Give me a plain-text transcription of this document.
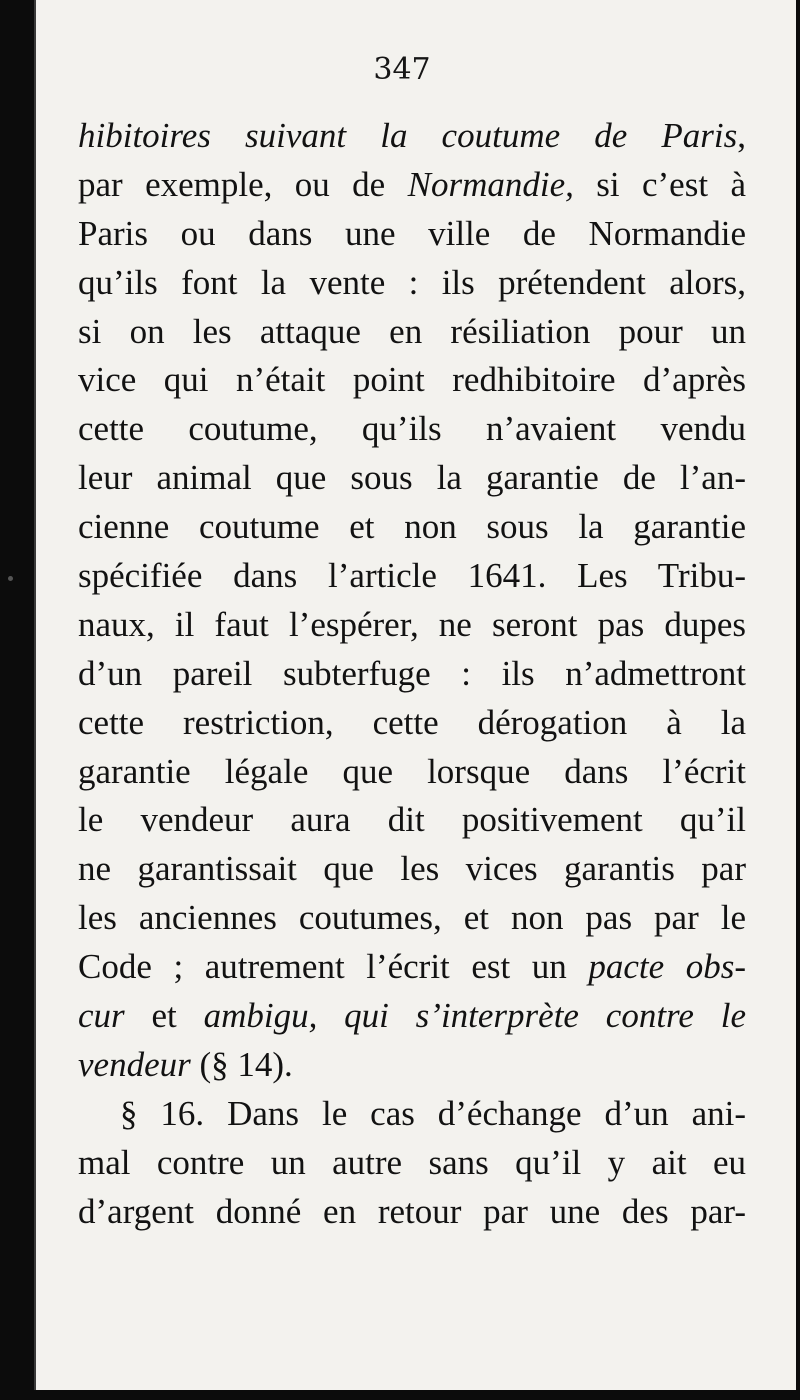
347
hibitoires suivant la coutume de Paris,
par exemple, ou de Normandie, si c’est à
Paris ou dans une ville de Normandie
qu’ils font la vente : ils prétendent alors,
si on les attaque en résiliation pour un
vice qui n’était point redhibitoire d’après
cette coutume, qu’ils n’avaient vendu
leur animal que sous la garantie de l’an-
cienne coutume et non sous la garantie
spécifiée dans l’article 1641. Les Tribu-
naux, il faut l’espérer, ne seront pas dupes
d’un pareil subterfuge : ils n’admettront
cette restriction, cette dérogation à la
garantie légale que lorsque dans l’écrit
le vendeur aura dit positivement qu’il
ne garantissait que les vices garantis par
les anciennes coutumes, et non pas par le
Code ; autrement l’écrit est un pacte obs-
cur et ambigu, qui s’interprète contre le
vendeur (§ 14).
§ 16. Dans le cas d’échange d’un ani-
mal contre un autre sans qu’il y ait eu
d’argent donné en retour par une des par-
